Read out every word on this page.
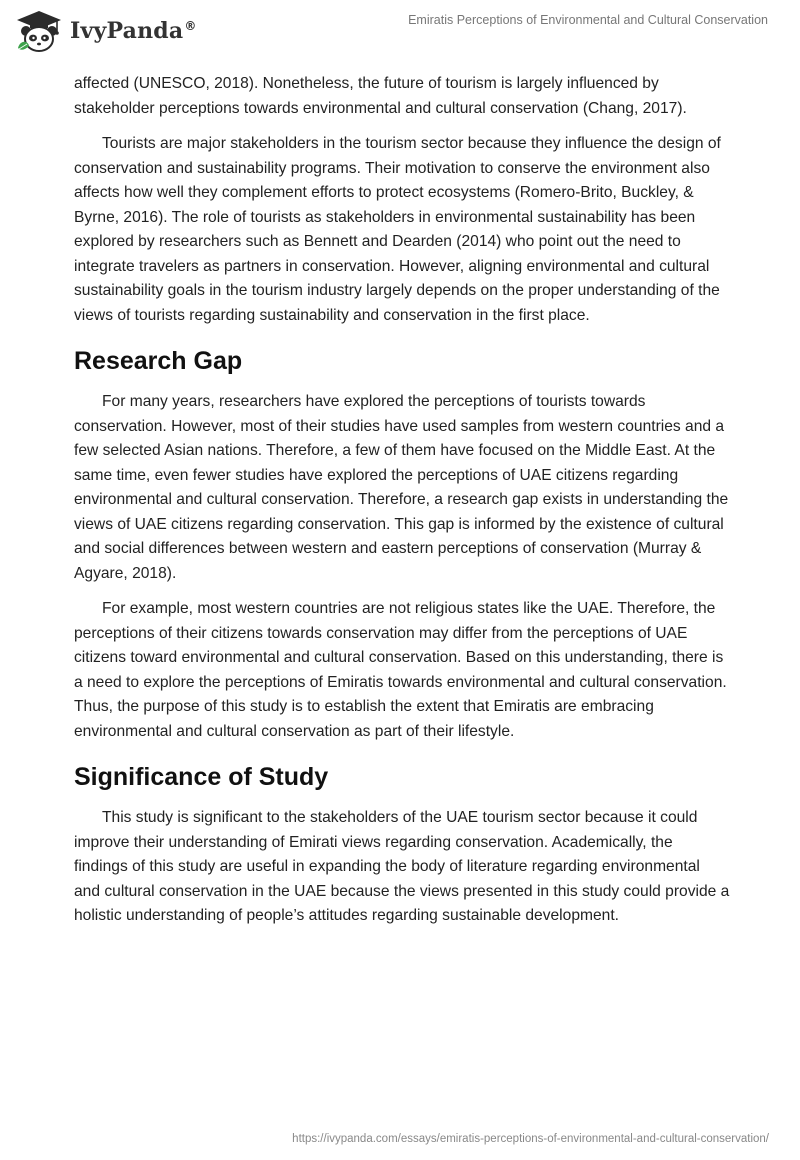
IvyPanda®	Emiratis Perceptions of Environmental and Cultural Conservation

affected (UNESCO, 2018). Nonetheless, the future of tourism is largely influenced by stakeholder perceptions towards environmental and cultural conservation (Chang, 2017).

Tourists are major stakeholders in the tourism sector because they influence the design of conservation and sustainability programs. Their motivation to conserve the environment also affects how well they complement efforts to protect ecosystems (Romero-Brito, Buckley, & Byrne, 2016). The role of tourists as stakeholders in environmental sustainability has been explored by researchers such as Bennett and Dearden (2014) who point out the need to integrate travelers as partners in conservation. However, aligning environmental and cultural sustainability goals in the tourism industry largely depends on the proper understanding of the views of tourists regarding sustainability and conservation in the first place.

Research Gap

For many years, researchers have explored the perceptions of tourists towards conservation. However, most of their studies have used samples from western countries and a few selected Asian nations. Therefore, a few of them have focused on the Middle East. At the same time, even fewer studies have explored the perceptions of UAE citizens regarding environmental and cultural conservation. Therefore, a research gap exists in understanding the views of UAE citizens regarding conservation. This gap is informed by the existence of cultural and social differences between western and eastern perceptions of conservation (Murray & Agyare, 2018).

For example, most western countries are not religious states like the UAE. Therefore, the perceptions of their citizens towards conservation may differ from the perceptions of UAE citizens toward environmental and cultural conservation. Based on this understanding, there is a need to explore the perceptions of Emiratis towards environmental and cultural conservation. Thus, the purpose of this study is to establish the extent that Emiratis are embracing environmental and cultural conservation as part of their lifestyle.

Significance of Study

This study is significant to the stakeholders of the UAE tourism sector because it could improve their understanding of Emirati views regarding conservation. Academically, the findings of this study are useful in expanding the body of literature regarding environmental and cultural conservation in the UAE because the views presented in this study could provide a holistic understanding of people’s attitudes regarding sustainable development.

https://ivypanda.com/essays/emiratis-perceptions-of-environmental-and-cultural-conservation/
